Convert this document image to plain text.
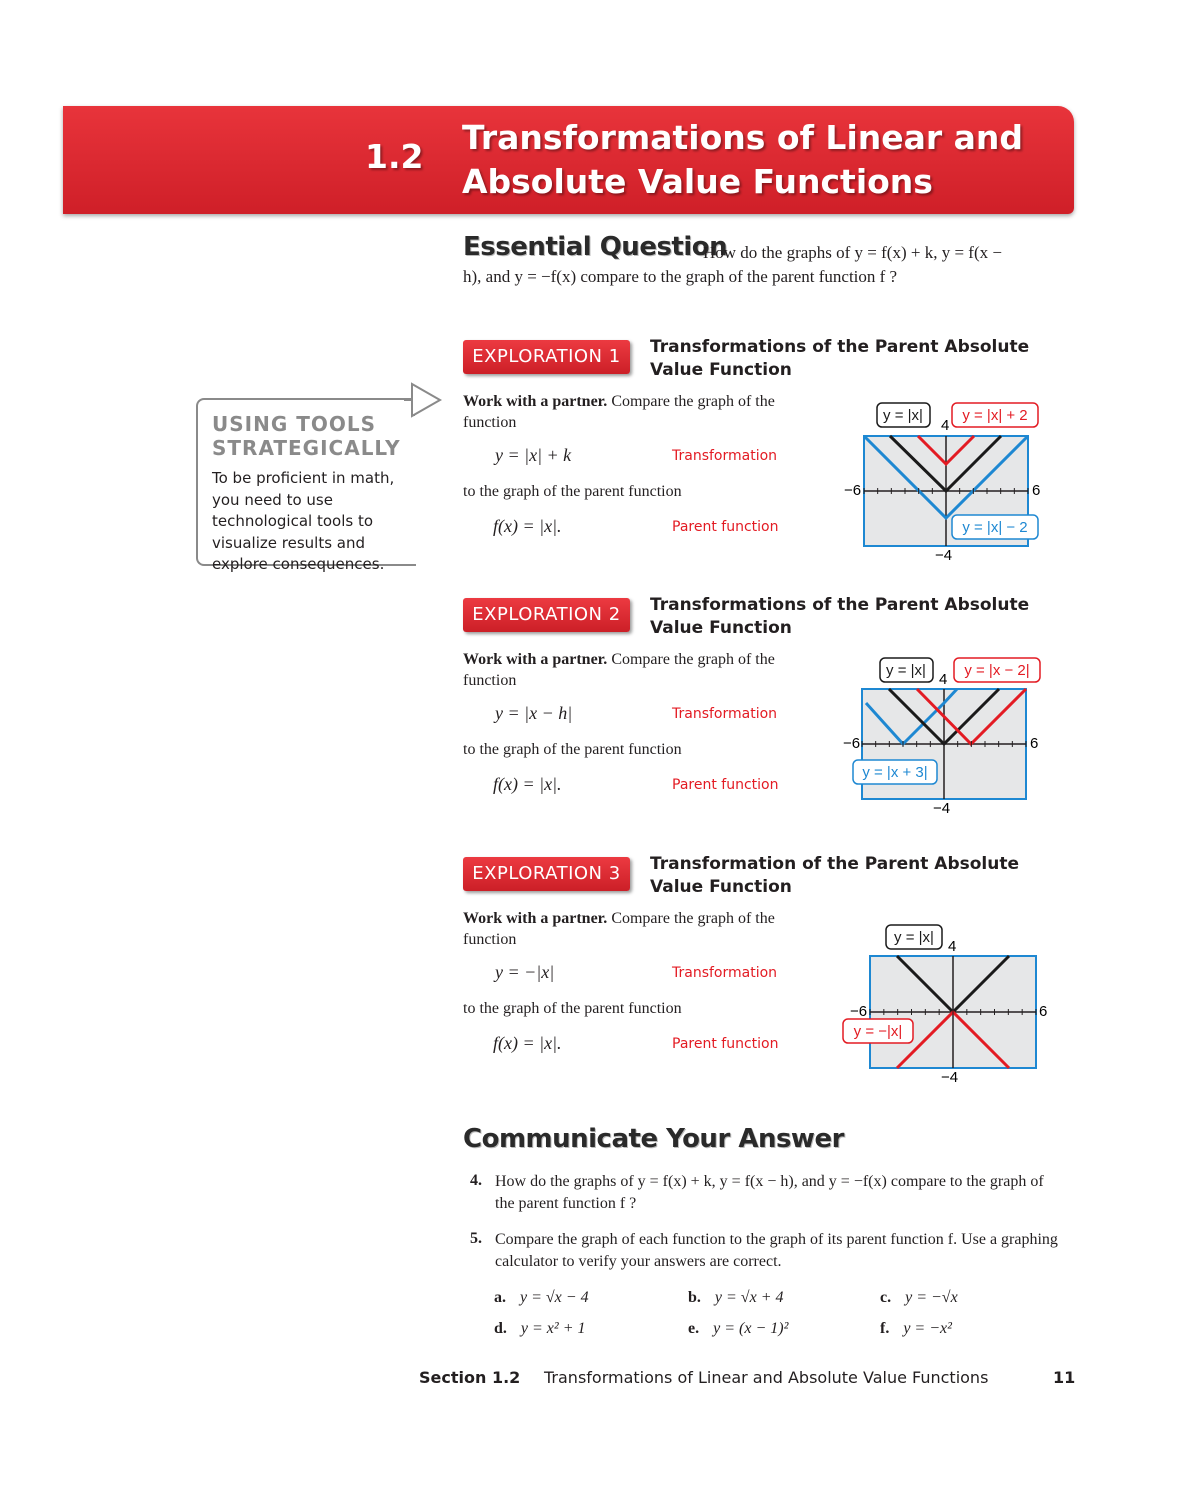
1.2 Transformations of Linear and
Absolute Value Functions
Essential Question
How do the graphs of y = f(x) + k, y = f(x − h), and y = −f(x) compare to the graph of the parent function f ?
USING TOOLS
STRATEGICALLY
To be proficient in math, you need to use technological tools to visualize results and explore consequences.
EXPLORATION 1	Transformations of the Parent Absolute Value Function
Work with a partner. Compare the graph of the function
y = |x| + k	Transformation
to the graph of the parent function
f(x) = |x|.	Parent function
y = |x|	y = |x| + 2
y = |x| − 2
4
−4
−6	6
EXPLORATION 2	Transformations of the Parent Absolute Value Function
Work with a partner. Compare the graph of the function
y = |x − h|	Transformation
to the graph of the parent function
f(x) = |x|.	Parent function
y = |x|	y = |x − 2|
y = |x + 3|
4
−4
−6	6
EXPLORATION 3	Transformation of the Parent Absolute Value Function
Work with a partner. Compare the graph of the function
y = −|x|	Transformation
to the graph of the parent function
f(x) = |x|.	Parent function
y = |x|
y = −|x|
4
−4
−6	6
Communicate Your Answer
4. How do the graphs of y = f(x) + k, y = f(x − h), and y = −f(x) compare to the graph of the parent function f ?
5. Compare the graph of each function to the graph of its parent function f. Use a graphing calculator to verify your answers are correct.
a. y = √x − 4	b. y = √x + 4	c. y = −√x
d. y = x² + 1	e. y = (x − 1)²	f. y = −x²
Section 1.2 Transformations of Linear and Absolute Value Functions	11
